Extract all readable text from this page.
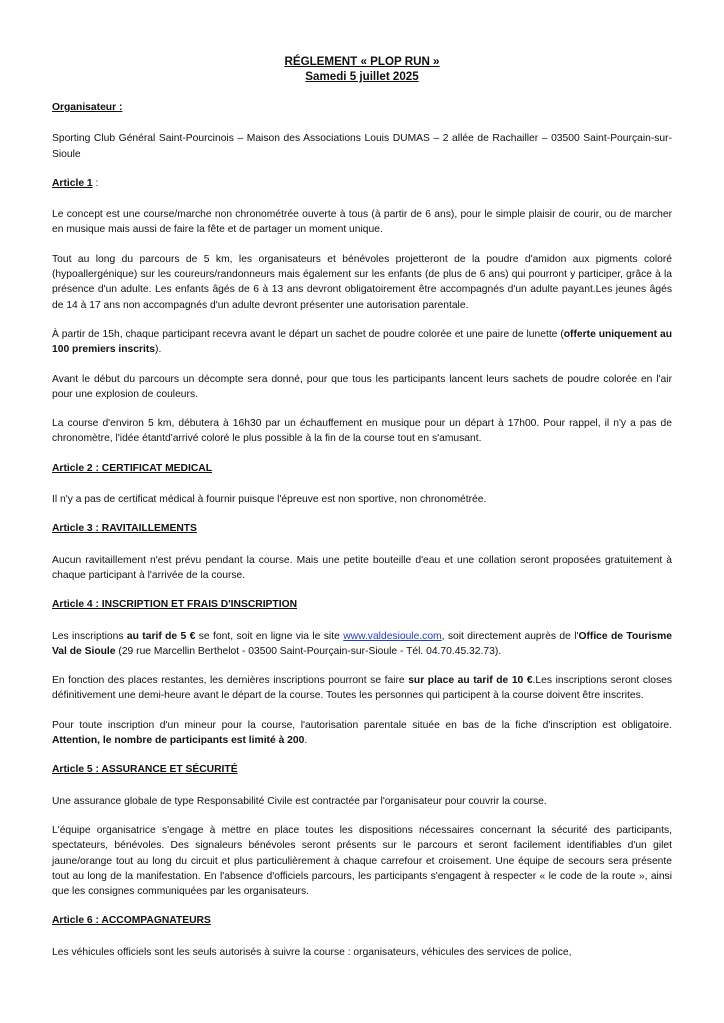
RÉGLEMENT « PLOP RUN »
Samedi 5 juillet 2025

Organisateur :

Sporting Club Général Saint-Pourcinois – Maison des Associations Louis DUMAS – 2 allée de Rachailler – 03500 Saint-Pourçain-sur-Sioule

Article 1 :

Le concept est une course/marche non chronométrée ouverte à tous (à partir de 6 ans), pour le simple plaisir de courir, ou de marcher en musique mais aussi de faire la fête et de partager un moment unique.

Tout au long du parcours de 5 km, les organisateurs et bénévoles projetteront de la poudre d'amidon aux pigments coloré (hypoallergénique) sur les coureurs/randonneurs mais également sur les enfants (de plus de 6 ans) qui pourront y participer, grâce à la présence d'un adulte. Les enfants âgés de 6 à 13 ans devront obligatoirement être accompagnés d'un adulte payant.Les jeunes âgés de 14 à 17 ans non accompagnés d'un adulte devront présenter une autorisation parentale.

À partir de 15h, chaque participant recevra avant le départ un sachet de poudre colorée et une paire de lunette (offerte uniquement au 100 premiers inscrits).

Avant le début du parcours un décompte sera donné, pour que tous les participants lancent leurs sachets de poudre colorée en l'air pour une explosion de couleurs.

La course d'environ 5 km, débutera à 16h30 par un échauffement en musique pour un départ à 17h00. Pour rappel, il n'y a pas de chronomètre, l'idée étantd'arrivé coloré le plus possible à la fin de la course tout en s'amusant.

Article 2 : CERTIFICAT MEDICAL

Il n'y a pas de certificat médical à fournir puisque l'épreuve est non sportive, non chronométrée.

Article 3 : RAVITAILLEMENTS

Aucun ravitaillement n'est prévu pendant la course. Mais une petite bouteille d'eau et une collation seront proposées gratuitement à chaque participant à l'arrivée de la course.

Article 4 : INSCRIPTION ET FRAIS D'INSCRIPTION

Les inscriptions au tarif de 5 € se font, soit en ligne via le site www.valdesioule.com, soit directement auprès de l'Office de Tourisme Val de Sioule (29 rue Marcellin Berthelot - 03500 Saint-Pourçain-sur-Sioule - Tél. 04.70.45.32.73).

En fonction des places restantes, les dernières inscriptions pourront se faire sur place au tarif de 10 €.Les inscriptions seront closes définitivement une demi-heure avant le départ de la course. Toutes les personnes qui participent à la course doivent être inscrites.

Pour toute inscription d'un mineur pour la course, l'autorisation parentale située en bas de la fiche d'inscription est obligatoire. Attention, le nombre de participants est limité à 200.

Article 5 : ASSURANCE ET SÉCURITÉ

Une assurance globale de type Responsabilité Civile est contractée par l'organisateur pour couvrir la course.

L'équipe organisatrice s'engage à mettre en place toutes les dispositions nécessaires concernant la sécurité des participants, spectateurs, bénévoles. Des signaleurs bénévoles seront présents sur le parcours et seront facilement identifiables d'un gilet jaune/orange tout au long du circuit et plus particulièrement à chaque carrefour et croisement. Une équipe de secours sera présente tout au long de la manifestation. En l'absence d'officiels parcours, les participants s'engagent à respecter « le code de la route », ainsi que les consignes communiquées par les organisateurs.

Article 6 : ACCOMPAGNATEURS

Les véhicules officiels sont les seuls autorisés à suivre la course : organisateurs, véhicules des services de police,
